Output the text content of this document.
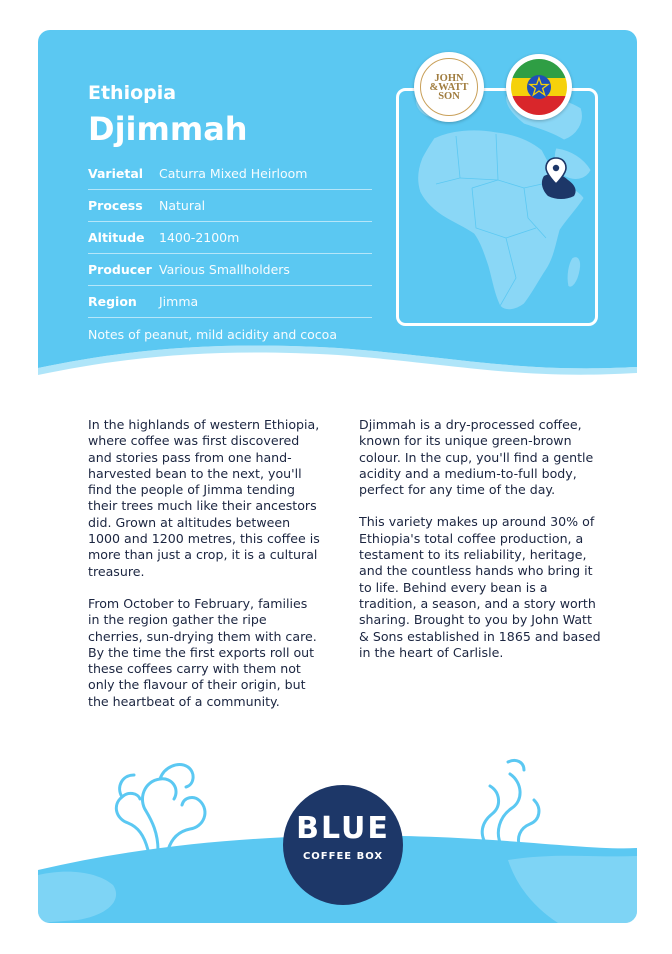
Ethiopia
Djimmah
Varietal	Caturra Mixed Heirloom
Process	Natural
Altitude	1400-2100m
Producer Various Smallholders
Region	Jimma
Notes of peanut, mild acidity and cocoa
JOHN
&WATT
SON

In the highlands of western Ethiopia, where coffee was first discovered and stories pass from one hand-harvested bean to the next, you'll find the people of Jimma tending their trees much like their ancestors did. Grown at altitudes between 1000 and 1200 metres, this coffee is more than just a crop, it is a cultural treasure.

From October to February, families in the region gather the ripe cherries, sun-drying them with care. By the time the first exports roll out these coffees carry with them not only the flavour of their origin, but the heartbeat of a community.

Djimmah is a dry-processed coffee, known for its unique green-brown colour. In the cup, you'll find a gentle acidity and a medium-to-full body, perfect for any time of the day.

This variety makes up around 30% of Ethiopia's total coffee production, a testament to its reliability, heritage, and the countless hands who bring it to life. Behind every bean is a tradition, a season, and a story worth sharing. Brought to you by John Watt & Sons established in 1865 and based in the heart of Carlisle.

BLUE
COFFEE BOX
